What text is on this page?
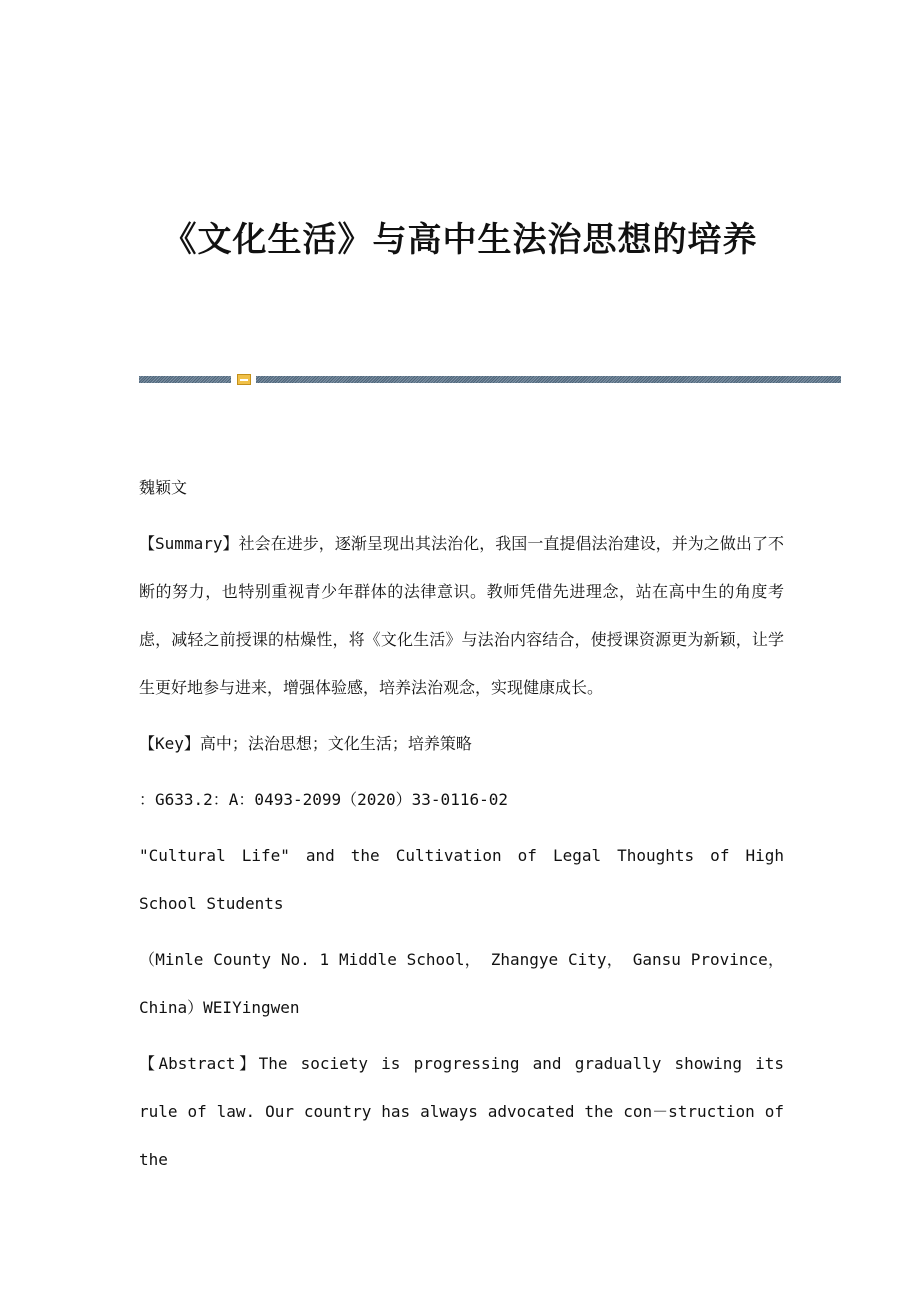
《文化生活》与高中生法治思想的培养

魏颖文

【Summary】社会在进步，逐渐呈现出其法治化，我国一直提倡法治建设，并为之做出了不断的努力，也特别重视青少年群体的法律意识。教师凭借先进理念，站在高中生的角度考虑，减轻之前授课的枯燥性，将《文化生活》与法治内容结合，使授课资源更为新颖，让学生更好地参与进来，增强体验感，培养法治观念，实现健康成长。

【Key】高中；法治思想；文化生活；培养策略

：G633.2：A：0493-2099（2020）33-0116-02

"Cultural Life" and the Cultivation of Legal Thoughts of High School Students

（Minle County No. 1 Middle School， Zhangye City， Gansu Province， China）WEIYingwen

【Abstract】The society is progressing and gradually showing its rule of law. Our country has always advocated the con－struction of the
